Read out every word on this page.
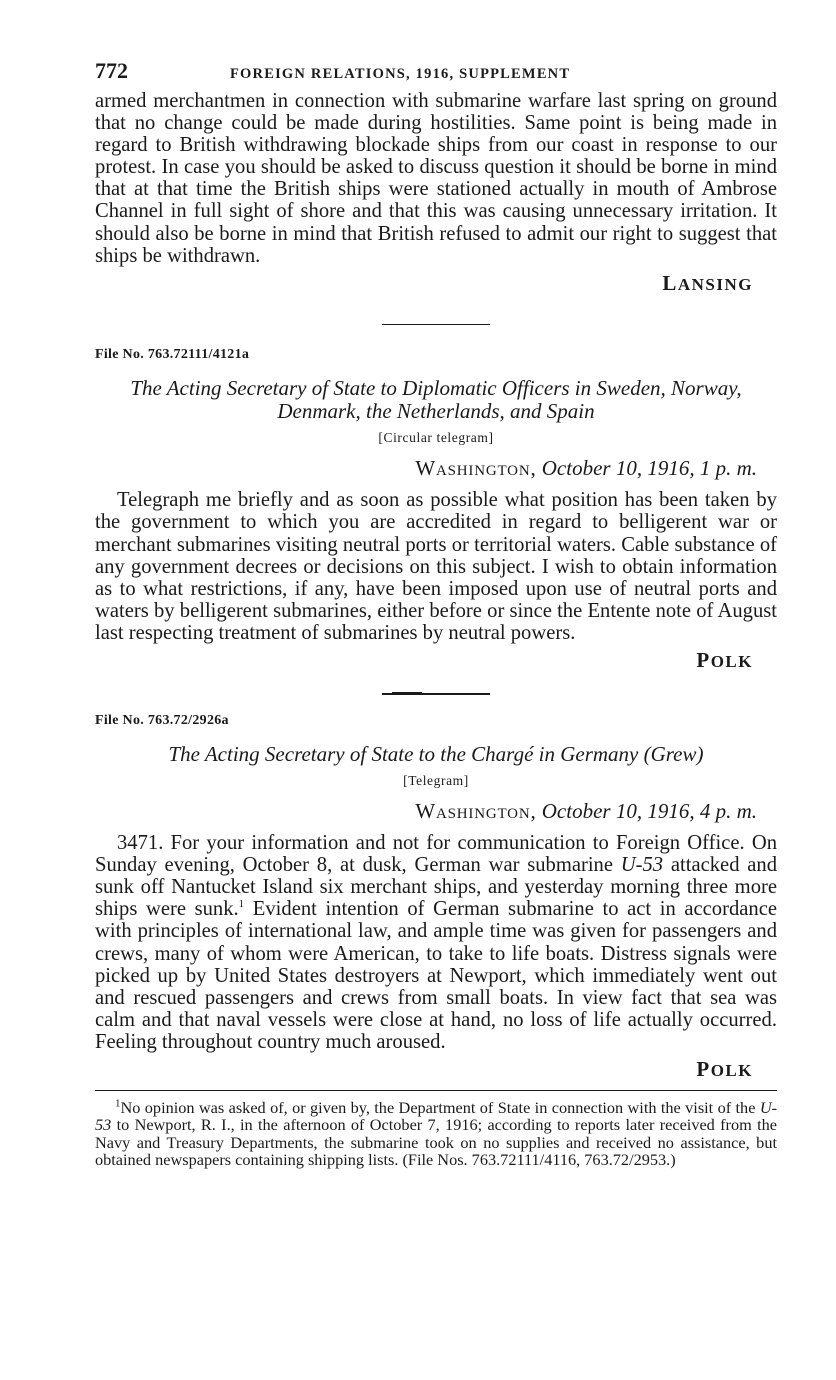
772	FOREIGN RELATIONS, 1916, SUPPLEMENT

armed merchantmen in connection with submarine warfare last spring on ground that no change could be made during hostilities. Same point is being made in regard to British withdrawing blockade ships from our coast in response to our protest. In case you should be asked to discuss question it should be borne in mind that at that time the British ships were stationed actually in mouth of Ambrose Channel in full sight of shore and that this was causing unnecessary irritation. It should also be borne in mind that British refused to admit our right to suggest that ships be withdrawn.

LANSING

File No. 763.72111/4121a

The Acting Secretary of State to Diplomatic Officers in Sweden, Norway, Denmark, the Netherlands, and Spain

[Circular telegram]

Washington, October 10, 1916, 1 p. m.

Telegraph me briefly and as soon as possible what position has been taken by the government to which you are accredited in regard to belligerent war or merchant submarines visiting neutral ports or territorial waters. Cable substance of any government decrees or decisions on this subject. I wish to obtain information as to what restrictions, if any, have been imposed upon use of neutral ports and waters by belligerent submarines, either before or since the Entente note of August last respecting treatment of submarines by neutral powers.

POLK

File No. 763.72/2926a

The Acting Secretary of State to the Chargé in Germany (Grew)

[Telegram]

Washington, October 10, 1916, 4 p. m.

3471. For your information and not for communication to Foreign Office. On Sunday evening, October 8, at dusk, German war submarine U-53 attacked and sunk off Nantucket Island six merchant ships, and yesterday morning three more ships were sunk.$^1$ Evident intention of German submarine to act in accordance with principles of international law, and ample time was given for passengers and crews, many of whom were American, to take to life boats. Distress signals were picked up by United States destroyers at Newport, which immediately went out and rescued passengers and crews from small boats. In view fact that sea was calm and that naval vessels were close at hand, no loss of life actually occurred. Feeling throughout country much aroused.

POLK

$^1$No opinion was asked of, or given by, the Department of State in connection with the visit of the U-53 to Newport, R. I., in the afternoon of October 7, 1916; according to reports later received from the Navy and Treasury Departments, the submarine took on no supplies and received no assistance, but obtained newspapers containing shipping lists. (File Nos. 763.72111/4116, 763.72/2953.)
